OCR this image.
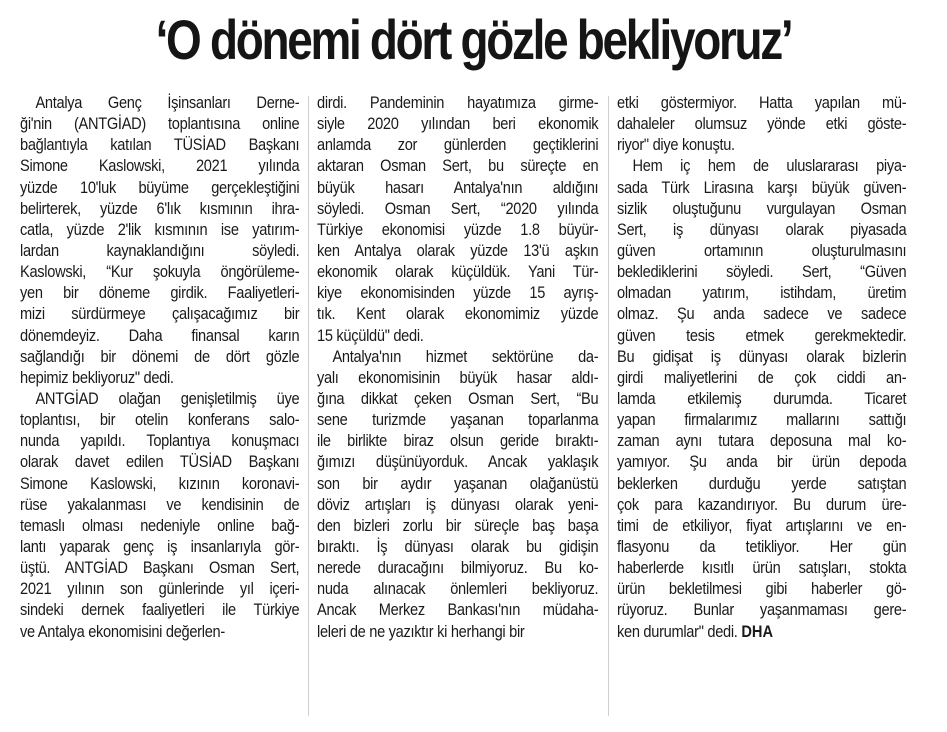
‘O dönemi dört gözle bekliyoruz’
Antalya Genç İşinsanları Derne-
ği'nin (ANTGİAD) toplantısına online
bağlantıyla katılan TÜSİAD Başkanı
Simone Kaslowski, 2021 yılında
yüzde 10'luk büyüme gerçekleştiğini
belirterek, yüzde 6'lık kısmının ihra-
catla, yüzde 2'lik kısmının ise yatırım-
lardan kaynaklandığını söyledi.
Kaslowski, “Kur şokuyla öngörüleme-
yen bir döneme girdik. Faaliyetleri-
mizi sürdürmeye çalışacağımız bir
dönemdeyiz. Daha finansal karın
sağlandığı bir dönemi de dört gözle
hepimiz bekliyoruz" dedi.
ANTGİAD olağan genişletilmiş üye
toplantısı, bir otelin konferans salo-
nunda yapıldı. Toplantıya konuşmacı
olarak davet edilen TÜSİAD Başkanı
Simone Kaslowski, kızının koronavi-
rüse yakalanması ve kendisinin de
temaslı olması nedeniyle online bağ-
lantı yaparak genç iş insanlarıyla gör-
üştü. ANTGİAD Başkanı Osman Sert,
2021 yılının son günlerinde yıl içeri-
sindeki dernek faaliyetleri ile Türkiye
ve Antalya ekonomisini değerlen-
dirdi. Pandeminin hayatımıza girme-
siyle 2020 yılından beri ekonomik
anlamda zor günlerden geçtiklerini
aktaran Osman Sert, bu süreçte en
büyük hasarı Antalya'nın aldığını
söyledi. Osman Sert, “2020 yılında
Türkiye ekonomisi yüzde 1.8 büyür-
ken Antalya olarak yüzde 13'ü aşkın
ekonomik olarak küçüldük. Yani Tür-
kiye ekonomisinden yüzde 15 ayrış-
tık. Kent olarak ekonomimiz yüzde
15 küçüldü" dedi.
Antalya'nın hizmet sektörüne da-
yalı ekonomisinin büyük hasar aldı-
ğına dikkat çeken Osman Sert, “Bu
sene turizmde yaşanan toparlanma
ile birlikte biraz olsun geride bıraktı-
ğımızı düşünüyorduk. Ancak yaklaşık
son bir aydır yaşanan olağanüstü
döviz artışları iş dünyası olarak yeni-
den bizleri zorlu bir süreçle baş başa
bıraktı. İş dünyası olarak bu gidişin
nerede duracağını bilmiyoruz. Bu ko-
nuda alınacak önlemleri bekliyoruz.
Ancak Merkez Bankası'nın müdaha-
leleri de ne yazıktır ki herhangi bir
etki göstermiyor. Hatta yapılan mü-
dahaleler olumsuz yönde etki göste-
riyor" diye konuştu.
Hem iç hem de uluslararası piya-
sada Türk Lirasına karşı büyük güven-
sizlik oluştuğunu vurgulayan Osman
Sert, iş dünyası olarak piyasada
güven ortamının oluşturulmasını
beklediklerini söyledi. Sert, “Güven
olmadan yatırım, istihdam, üretim
olmaz. Şu anda sadece ve sadece
güven tesis etmek gerekmektedir.
Bu gidişat iş dünyası olarak bizlerin
girdi maliyetlerini de çok ciddi an-
lamda etkilemiş durumda. Ticaret
yapan firmalarımız mallarını sattığı
zaman aynı tutara deposuna mal ko-
yamıyor. Şu anda bir ürün depoda
beklerken durduğu yerde satıştan
çok para kazandırıyor. Bu durum üre-
timi de etkiliyor, fiyat artışlarını ve en-
flasyonu da tetikliyor. Her gün
haberlerde kısıtlı ürün satışları, stokta
ürün bekletilmesi gibi haberler gö-
rüyoruz. Bunlar yaşanmaması gere-
ken durumlar" dedi. DHA
